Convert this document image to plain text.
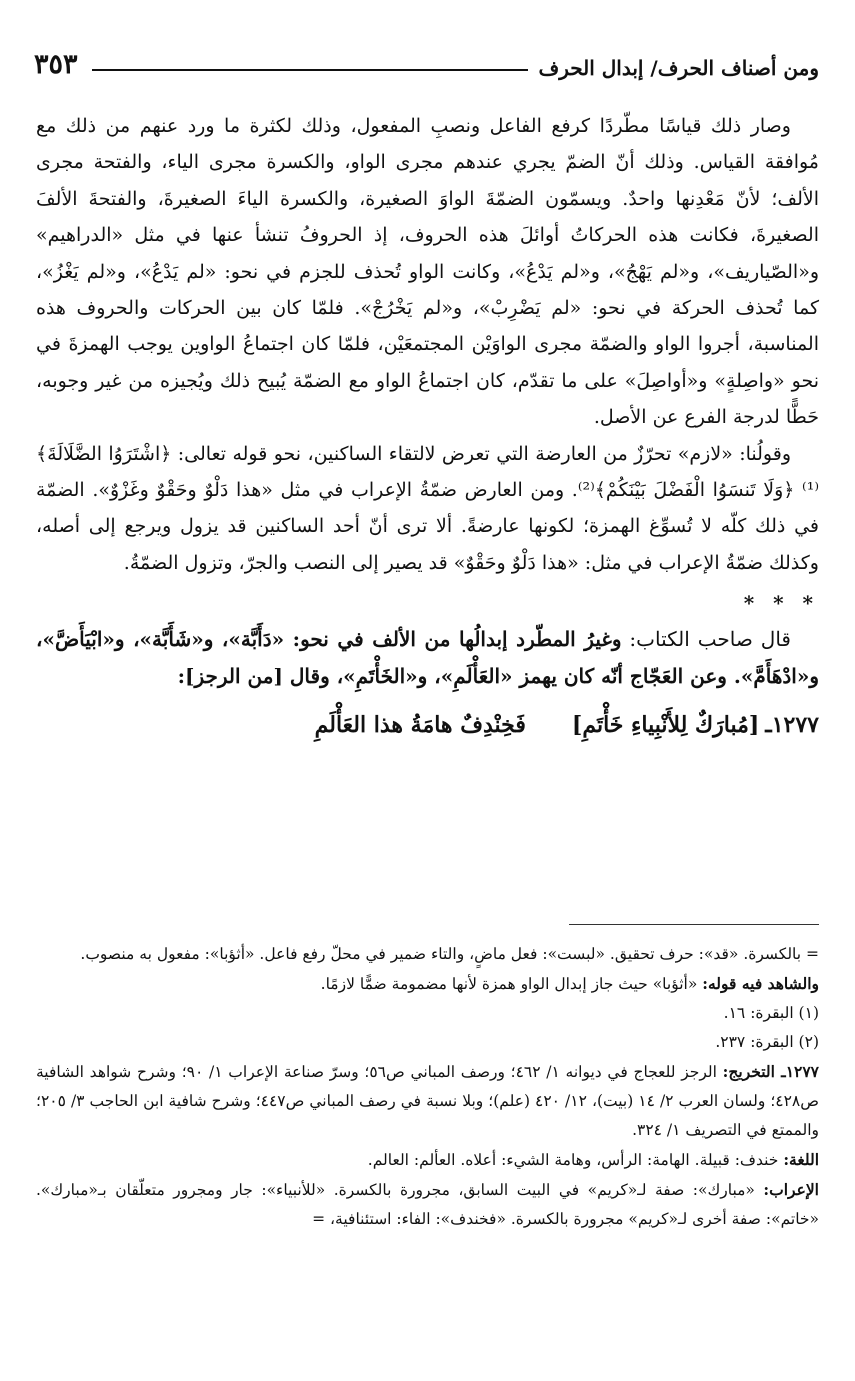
ومن أصناف الحرف/ إبدال الحرف
٣٥٣

وصار ذلك قياسًا مطّردًا كرفع الفاعل ونصبِ المفعول، وذلك لكثرة ما ورد عنهم من ذلك مع مُوافقة القياس. وذلك أنّ الضمّ يجري عندهم مجرى الواو، والكسرة مجرى الياء، والفتحة مجرى الألف؛ لأنّ مَعْدِنها واحدٌ. ويسمّون الضمّةَ الواوَ الصغيرة، والكسرة الياءَ الصغيرةَ، والفتحةَ الألفَ الصغيرةَ، فكانت هذه الحركاتُ أوائلَ هذه الحروف، إذ الحروفُ تنشأ عنها في مثل «الدراهيم» و«الصّياريف»، و«لم يَهْجُ»، و«لم يَدْعُ»، وكانت الواو تُحذف للجزم في نحو: «لم يَدْعُ»، و«لم يَغْزُ»، كما تُحذف الحركة في نحو: «لم يَضْرِبْ»، و«لم يَخْرُجْ». فلمّا كان بين الحركات والحروف هذه المناسبة، أجروا الواو والضمّة مجرى الواوَيْن المجتمعَيْن، فلمّا كان اجتماعُ الواوين يوجب الهمزةَ في نحو «واصِلةٍ» و«أواصِلَ» على ما تقدّم، كان اجتماعُ الواو مع الضمّة يُبيح ذلك ويُجيزه من غير وجوبه، حَطًّا لدرجة الفرع عن الأصل.

وقولُنا: «لازم» تحرّزٌ من العارضة التي تعرض لالتقاء الساكنين، نحو قوله تعالى: ﴿اشْتَرَوُا الضَّلَالَةَ﴾⁽¹⁾ ﴿وَلَا تَنسَوُا الْفَضْلَ بَيْنَكُمْ﴾⁽²⁾. ومن العارض ضمّةُ الإعراب في مثل «هذا دَلْوٌ وحَقْوٌ وغَزْوٌ». الضمّة في ذلك كلّه لا تُسوِّغ الهمزة؛ لكونها عارضةً. ألا ترى أنّ أحد الساكنين قد يزول ويرجع إلى أصله، وكذلك ضمّةُ الإعراب في مثل: «هذا دَلْوٌ وحَقْوٌ» قد يصير إلى النصب والجرّ، وتزول الضمّةُ.

* * *

قال صاحب الكتاب: وغيرُ المطّرد إبدالُها من الألف في نحو: «دَأَبَّة»، و«شَأَبَّة»، و«ابْيَأَضَّ»، و«ادْهَأَمَّ». وعن العَجّاج أنّه كان يهمز «العَأْلَمِ»، و«الخَأْتَمِ»، وقال [من الرجز]:

١٢٧٧ـ
[مُبارَكٌ لِلأَنْبِياءِ خَأْتَمِ]
فَخِنْدِفٌ هامَةُ هذا العَأْلَمِ

= بالكسرة. «قد»: حرف تحقيق. «لبست»: فعل ماضٍ، والتاء ضمير في محلّ رفع فاعل. «أثؤبا»: مفعول به منصوب.

والشاهد فيه قوله: «أثؤبا» حيث جاز إبدال الواو همزة لأنها مضمومة ضمًّا لازمًا.

(١) البقرة: ١٦.

(٢) البقرة: ٢٣٧.

١٢٧٧ـ التخريج: الرجز للعجاج في ديوانه ١/ ٤٦٢؛ ورصف المباني ص٥٦؛ وسرّ صناعة الإعراب ١/ ٩٠؛ وشرح شواهد الشافية ص٤٢٨؛ ولسان العرب ٢/ ١٤ (بيت)، ١٢/ ٤٢٠ (علم)؛ وبلا نسبة في رصف المباني ص٤٤٧؛ وشرح شافية ابن الحاجب ٣/ ٢٠٥؛ والممتع في التصريف ١/ ٣٢٤.

اللغة: خندف: قبيلة. الهامة: الرأس، وهامة الشيء: أعلاه. العألم: العالم.

الإعراب: «مبارك»: صفة لـ«كريم» في البيت السابق، مجرورة بالكسرة. «للأنبياء»: جار ومجرور متعلّقان بـ«مبارك». «خاتم»: صفة أخرى لـ«كريم» مجرورة بالكسرة. «فخندف»: الفاء: استئنافية، =
